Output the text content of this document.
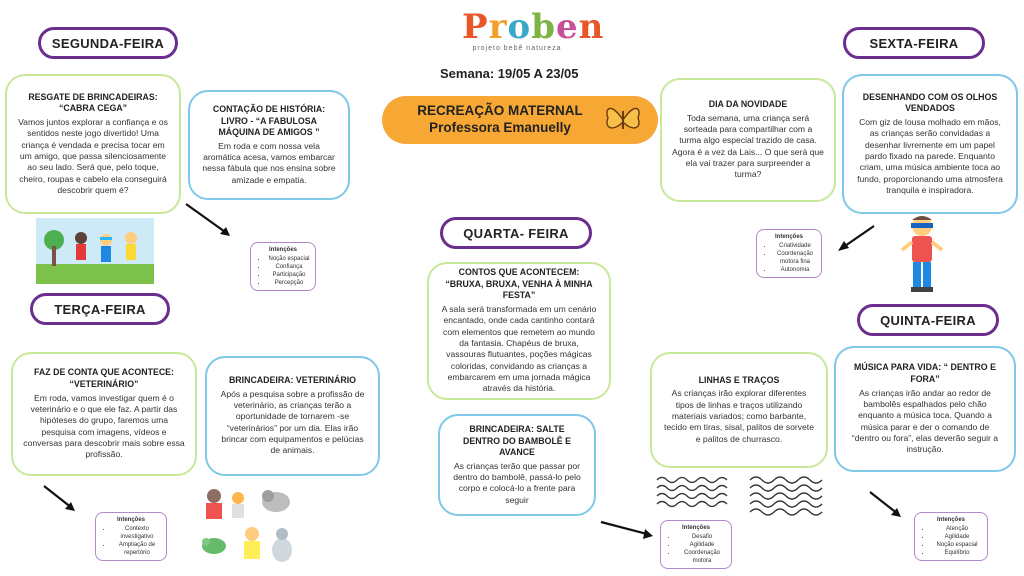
Proben
projeto bebê natureza
Semana: 19/05 A 23/05
RECREAÇÃO MATERNAL
Professora Emanuelly
SEGUNDA-FEIRA
TERÇA-FEIRA
QUARTA- FEIRA
QUINTA-FEIRA
SEXTA-FEIRA
RESGATE DE BRINCADEIRAS:
“CABRA CEGA”
Vamos juntos explorar a confiança e os sentidos neste jogo divertido! Uma criança é vendada e precisa tocar em um amigo, que passa silenciosamente ao seu lado. Será que, pelo toque, cheiro, roupas e cabelo ela conseguirá descobrir quem é?
CONTAÇÃO DE HISTÓRIA: LIVRO - “A FABULOSA MÁQUINA DE AMIGOS ”
Em roda e com nossa vela aromática acesa, vamos embarcar nessa fábula que nos ensina sobre amizade e empatia.
Intenções
• Noção espacial
• Confiança
• Participação
• Percepção
FAZ DE CONTA QUE ACONTECE: “VETERINÁRIO”
Em roda, vamos investigar quem é o veterinário e o que ele faz. A partir das hipóteses do grupo, faremos uma pesquisa com imagens, vídeos e conversas para descobrir mais sobre essa profissão.
BRINCADEIRA: VETERINÁRIO
Após a pesquisa sobre a profissão de veterinário, as crianças terão a oportunidade de tornarem -se “veterinários” por um dia. Elas irão brincar com equipamentos e pelúcias de animais.
Intenções
• Contexto investigativo
• Ampliação de repertório
CONTOS QUE ACONTECEM: “BRUXA, BRUXA, VENHA À MINHA FESTA”
A sala será transformada em um cenário encantado, onde cada cantinho contará com elementos que remetem ao mundo da fantasia. Chapéus de bruxa, vassouras flutuantes, poções mágicas coloridas, convidando as crianças a embarcarem em uma jornada mágica através da história.
BRINCADEIRA: SALTE DENTRO DO BAMBOLÊ E AVANCE
As crianças terão que passar por dentro do bambolê, passá-lo pelo corpo e colocá-lo a frente para seguir
Intenções
• Desafio
• Agilidade
• Coordenação motora
LINHAS E TRAÇOS
As crianças irão explorar diferentes tipos de linhas e traços utilizando materiais variados; como barbante, tecido em tiras, sisal, palitos de sorvete e palitos de churrasco.
MÚSICA PARA VIDA: “ DENTRO E FORA”
As crianças irão andar ao redor de bambolês espalhados pelo chão enquanto a música toca. Quando a música parar e der o comando de “dentro ou fora”, elas deverão seguir a instrução.
Intenções
• Atenção
• Agilidade
• Noção espacial
• Equilíbrio
DIA DA NOVIDADE
Toda semana, uma criança será sorteada para compartilhar com a turma algo especial trazido de casa. Agora é a vez da Lais... O que será que ela vai trazer para surpreender a turma?
DESENHANDO COM OS OLHOS VENDADOS
Com giz de lousa molhado em mãos, as crianças serão convidadas a desenhar livremente em um papel pardo fixado na parede. Enquanto criam, uma música ambiente toca ao fundo, proporcionando uma atmosfera tranquila e inspiradora.
Intenções
• Criatividade
• Coordenação motora fina
• Autonomia
